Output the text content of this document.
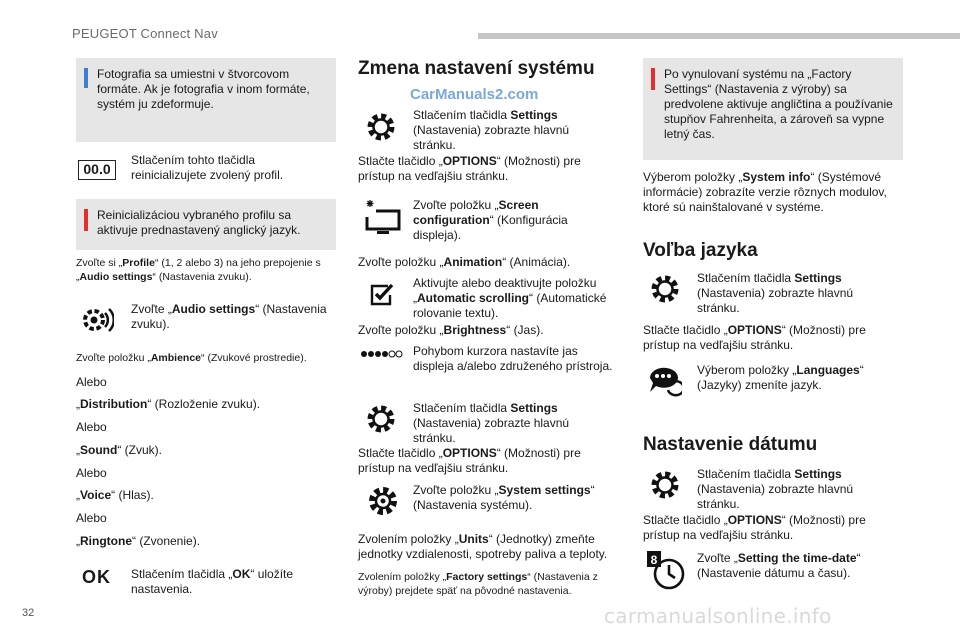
PEUGEOT Connect Nav
Fotografia sa umiestni v štvorcovom formáte. Ak je fotografia v inom formáte, systém ju zdeformuje.
00.0
Stlačením tohto tlačidla reinicializujete zvolený profil.
Reinicializáciou vybraného profilu sa aktivuje prednastavený anglický jazyk.
Zvoľte si „Profile“ (1, 2 alebo 3) na jeho prepojenie s „Audio settings“ (Nastavenia zvuku).
Zvoľte „Audio settings“ (Nastavenia zvuku).
Zvoľte položku „Ambience“ (Zvukové prostredie).
Alebo
„Distribution“ (Rozloženie zvuku).
Alebo
„Sound“ (Zvuk).
Alebo
„Voice“ (Hlas).
Alebo
„Ringtone“ (Zvonenie).
OK Stlačením tlačidla „OK“ uložíte nastavenia.
Zmena nastavení systému
CarManuals2.com
Stlačením tlačidla Settings (Nastavenia) zobrazte hlavnú stránku.
Stlačte tlačidlo „OPTIONS“ (Možnosti) pre prístup na vedľajšiu stránku.
Zvoľte položku „Screen configuration“ (Konfigurácia displeja).
Zvoľte položku „Animation“ (Animácia).
Aktivujte alebo deaktivujte položku „Automatic scrolling“ (Automatické rolovanie textu).
Zvoľte položku „Brightness“ (Jas).
Pohybom kurzora nastavíte jas displeja a/alebo združeného prístroja.
Stlačením tlačidla Settings (Nastavenia) zobrazte hlavnú stránku.
Stlačte tlačidlo „OPTIONS“ (Možnosti) pre prístup na vedľajšiu stránku.
Zvoľte položku „System settings“ (Nastavenia systému).
Zvolením položky „Units“ (Jednotky) zmeňte jednotky vzdialenosti, spotreby paliva a teploty.
Zvolením položky „Factory settings“ (Nastavenia z výroby) prejdete späť na pôvodné nastavenia.
Po vynulovaní systému na „Factory Settings“ (Nastavenia z výroby) sa predvolene aktivuje angličtina a používanie stupňov Fahrenheita, a zároveň sa vypne letný čas.
Výberom položky „System info“ (Systémové informácie) zobrazíte verzie rôznych modulov, ktoré sú nainštalované v systéme.
Voľba jazyka
Stlačením tlačidla Settings (Nastavenia) zobrazte hlavnú stránku.
Stlačte tlačidlo „OPTIONS“ (Možnosti) pre prístup na vedľajšiu stránku.
Výberom položky „Languages“ (Jazyky) zmeníte jazyk.
Nastavenie dátumu
Stlačením tlačidla Settings (Nastavenia) zobrazte hlavnú stránku.
Stlačte tlačidlo „OPTIONS“ (Možnosti) pre prístup na vedľajšiu stránku.
8	Zvoľte „Setting the time-date“ (Nastavenie dátumu a času).
32	carmanualsonline.info
